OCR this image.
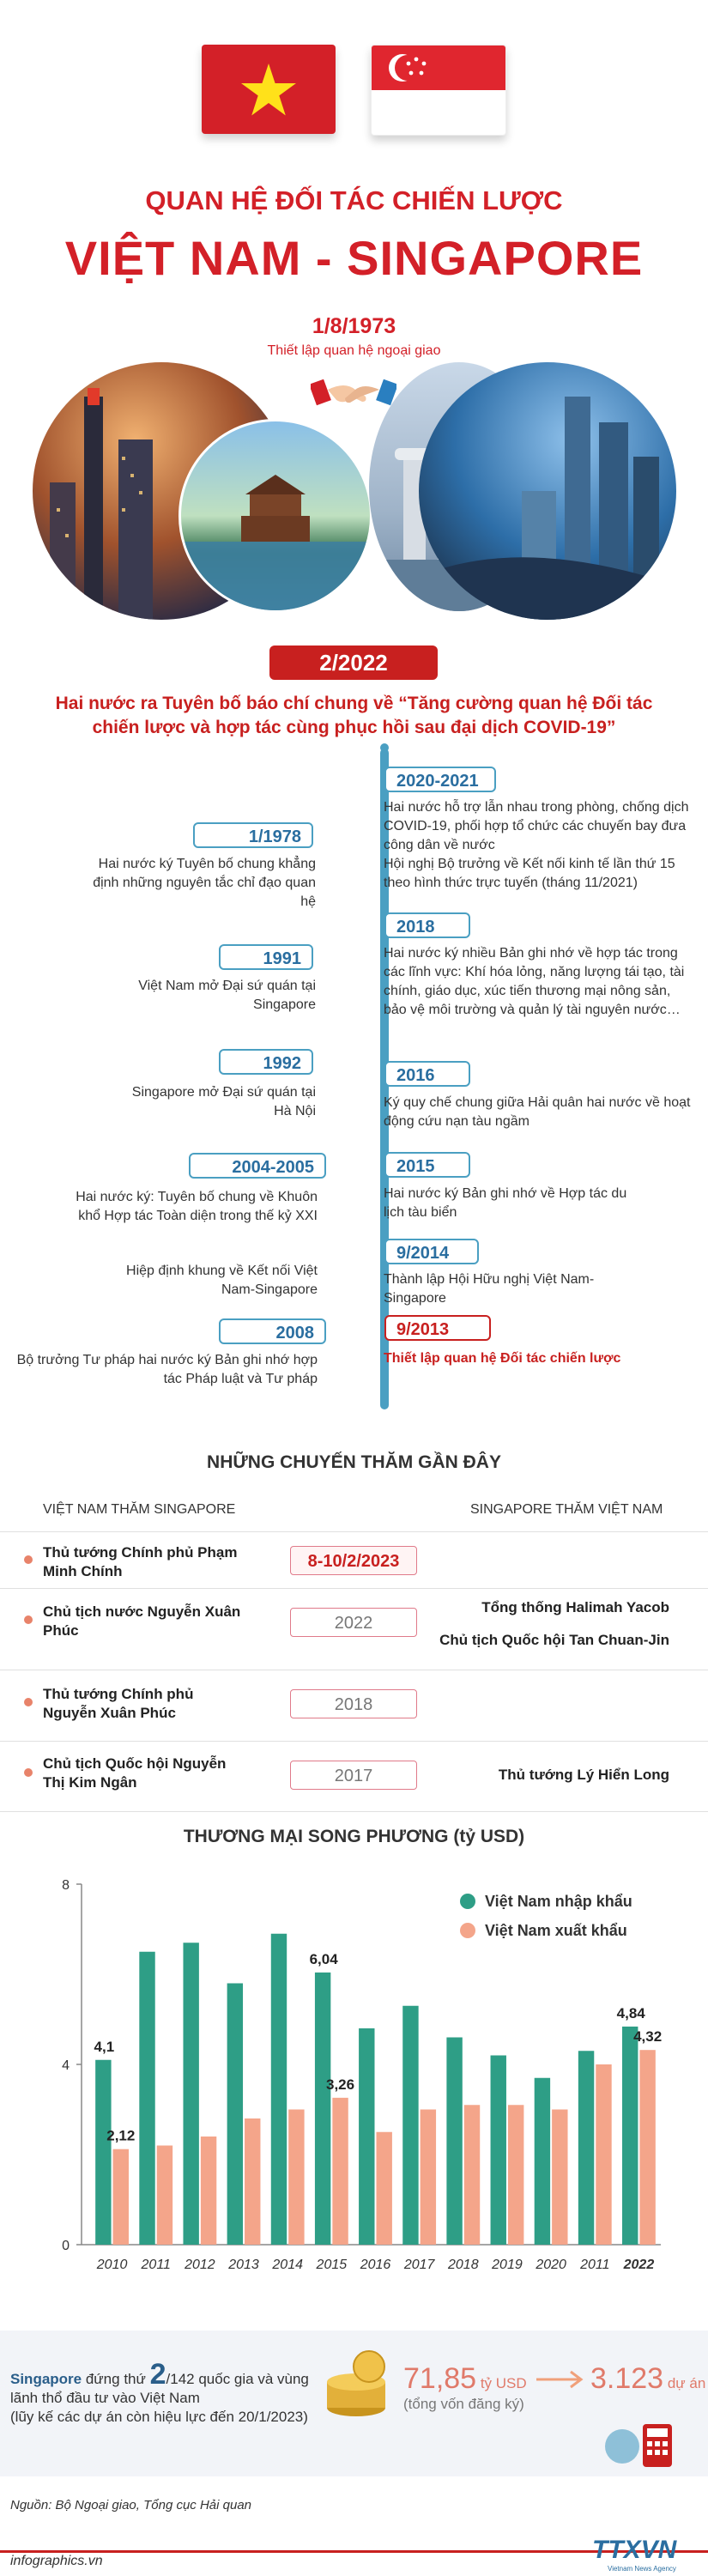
QUAN HỆ ĐỐI TÁC CHIẾN LƯỢC
VIỆT NAM - SINGAPORE
1/8/1973
Thiết lập quan hệ ngoại giao
2/2022
Hai nước ra Tuyên bố báo chí chung về “Tăng cường quan hệ Đối tác chiến lược và hợp tác cùng phục hồi sau đại dịch COVID-19”
1/1978
Hai nước ký Tuyên bố chung khẳng định những nguyên tắc chỉ đạo quan hệ
1991
Việt Nam mở Đại sứ quán tại Singapore
1992
Singapore mở Đại sứ quán tại Hà Nội
2004-2005
Hai nước ký: Tuyên bố chung về Khuôn khổ Hợp tác Toàn diện trong thế kỷ XXI
Hiệp định khung về Kết nối Việt Nam-Singapore
2008
Bộ trưởng Tư pháp hai nước ký Bản ghi nhớ hợp tác Pháp luật và Tư pháp
2020-2021
Hai nước hỗ trợ lẫn nhau trong phòng, chống dịch COVID-19, phối hợp tổ chức các chuyến bay đưa công dân về nước
Hội nghị Bộ trưởng về Kết nối kinh tế lần thứ 15 theo hình thức trực tuyến (tháng 11/2021)
2018
Hai nước ký nhiều Bản ghi nhớ về hợp tác trong các lĩnh vực: Khí hóa lỏng, năng lượng tái tạo, tài chính, giáo dục, xúc tiến thương mại nông sản, bảo vệ môi trường và quản lý tài nguyên nước…
2016
Ký quy chế chung giữa Hải quân hai nước về hoạt động cứu nạn tàu ngầm
2015
Hai nước ký Bản ghi nhớ về Hợp tác du lịch tàu biển
9/2014
Thành lập Hội Hữu nghị Việt Nam-Singapore
9/2013
Thiết lập quan hệ Đối tác chiến lược
NHỮNG CHUYẾN THĂM GẦN ĐÂY
VIỆT NAM THĂM SINGAPORE	SINGAPORE THĂM VIỆT NAM
Thủ tướng Chính phủ Phạm Minh Chính
8-10/2/2023
Chủ tịch nước Nguyễn Xuân Phúc	2022
Tổng thống Halimah Yacob
Chủ tịch Quốc hội Tan Chuan-Jin
Thủ tướng Chính phủ Nguyễn Xuân Phúc	2018
Chủ tịch Quốc hội Nguyễn Thị Kim Ngân	2017	Thủ tướng Lý Hiển Long
THƯƠNG MẠI SONG PHƯƠNG (tỷ USD)
0
4
8
2010 2011 2012 2013 2014 2015 2016 2017 2018 2019 2020 2011 2022
4,1
2,12
6,04
3,26
4,84
4,32
Việt Nam nhập khẩu
Việt Nam xuất khẩu
Singapore đứng thứ 2/142 quốc gia và vùng lãnh thổ đầu tư vào Việt Nam
(lũy kế các dự án còn hiệu lực đến 20/1/2023)
71,85 tỷ USD
(tổng vốn đăng ký)
3.123 dự án
Nguồn: Bộ Ngoại giao, Tổng cục Hải quan
infographics.vn	TTXVN
Vietnam News Agency
